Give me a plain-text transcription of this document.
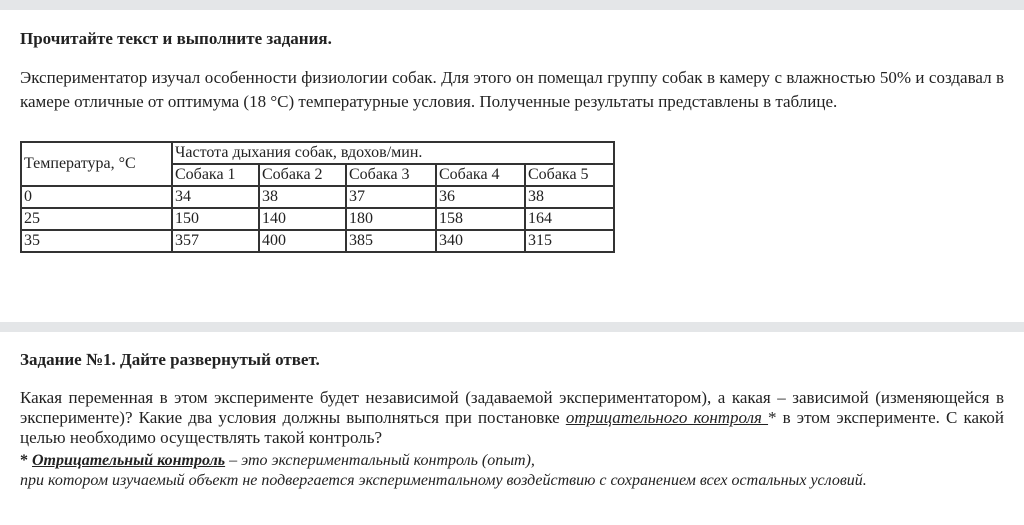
Прочитайте текст и выполните задания.
Экспериментатор изучал особенности физиологии собак. Для этого он помещал группу собак в камеру с влажностью 50% и создавал в камере отличные от оптимума (18 °C) температурные условия. Полученные результаты представлены в таблице.
Температура, °C	Частота дыхания собак, вдохов/мин.				
	Собака 1	Собака 2	Собака 3	Собака 4	Собака 5
0	34	38	37	36	38
25	150	140	180	158	164
35	357	400	385	340	315
Задание №1. Дайте развернутый ответ.
Какая переменная в этом эксперименте будет независимой (задаваемой экспериментатором), а какая – зависимой (изменяющейся в эксперименте)? Какие два условия должны выполняться при постановке отрицательного контроля * в этом эксперименте. С какой целью необходимо осуществлять такой контроль?
* Отрицательный контроль – это экспериментальный контроль (опыт),
при котором изучаемый объект не подвергается экспериментальному воздействию с сохранением всех остальных условий.
